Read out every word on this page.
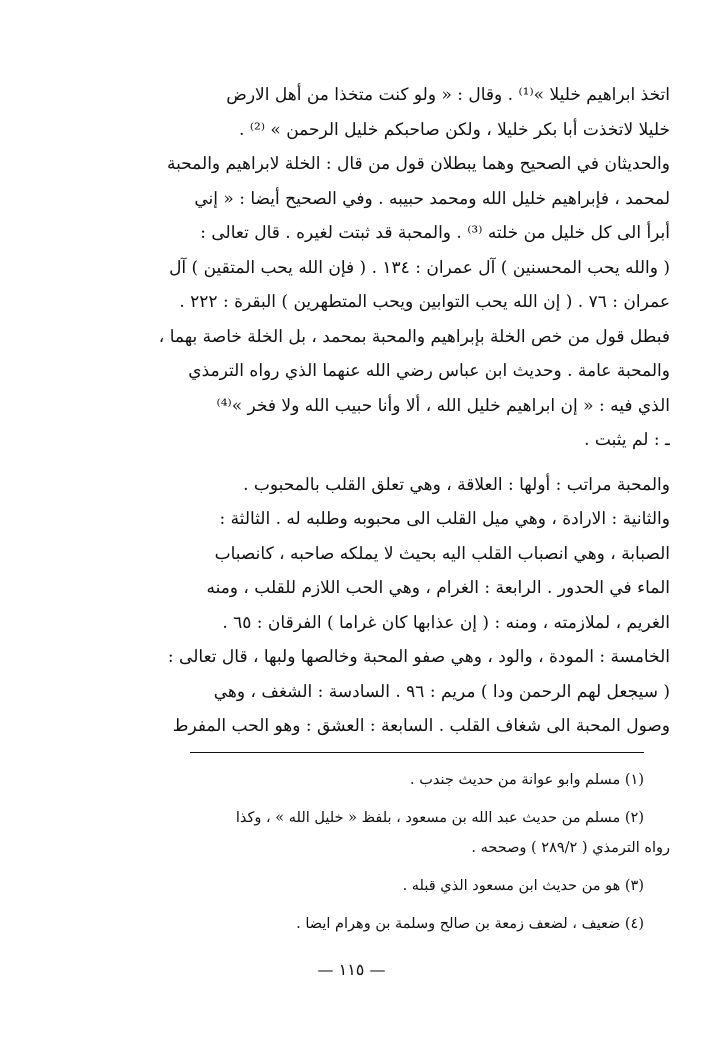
اتخذ ابراهيم خليلا »⁽¹⁾ . وقال : « ولو كنت متخذا من أهل الارض
خليلا لاتخذت أبا بكر خليلا ، ولكن صاحبكم خليل الرحمن » ⁽²⁾ .
والحديثان في الصحيح وهما يبطلان قول من قال : الخلة لابراهيم والمحبة
لمحمد ، فإبراهيم خليل الله ومحمد حبيبه . وفي الصحيح أيضا : « إني
أبرأ الى كل خليل من خلته ⁽³⁾ . والمحبة قد ثبتت لغيره . قال تعالى :
( والله يحب المحسنين ) آل عمران : ١٣٤ . ( فإن الله يحب المتقين ) آل
عمران : ٧٦ . ( إن الله يحب التوابين ويحب المتطهرين ) البقرة : ٢٢٢ .
فبطل قول من خص الخلة بإبراهيم والمحبة بمحمد ، بل الخلة خاصة بهما ،
والمحبة عامة . وحديث ابن عباس رضي الله عنهما الذي رواه الترمذي
الذي فيه : « إن ابراهيم خليل الله ، ألا وأنا حبيب الله ولا فخر »⁽⁴⁾
ـ : لم يثبت .
والمحبة مراتب : أولها : العلاقة ، وهي تعلق القلب بالمحبوب .
والثانية : الارادة ، وهي ميل القلب الى محبوبه وطلبه له . الثالثة :
الصبابة ، وهي انصباب القلب اليه بحيث لا يملكه صاحبه ، كانصباب
الماء في الحدور . الرابعة : الغرام ، وهي الحب اللازم للقلب ، ومنه
الغريم ، لملازمته ، ومنه : ( إن عذابها كان غراما ) الفرقان : ٦٥ .
الخامسة : المودة ، والود ، وهي صفو المحبة وخالصها ولبها ، قال تعالى :
( سيجعل لهم الرحمن ودا ) مريم : ٩٦ . السادسة : الشغف ، وهي
وصول المحبة الى شغاف القلب . السابعة : العشق : وهو الحب المفرط
(١) مسلم وابو عوانة من حديث جندب .
(٢) مسلم من حديث عبد الله بن مسعود ، بلفظ « خليل الله » ، وكذا
رواه الترمذي ( ٢٨٩/٢ ) وصححه .
(٣) هو من حديث ابن مسعود الذي قبله .
(٤) ضعيف ، لضعف زمعة بن صالح وسلمة بن وهرام ايضا .
— ١١٥ —
